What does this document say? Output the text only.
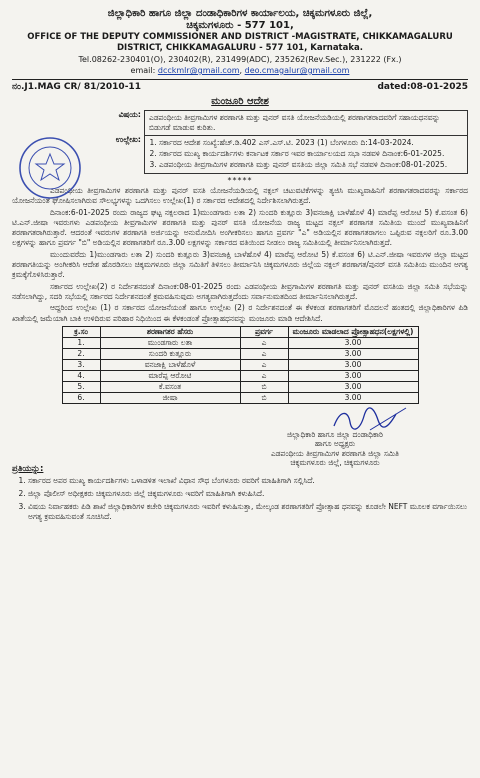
ಜಿಲ್ಲಾಧಿಕಾರಿ ಹಾಗೂ ಜಿಲ್ಲಾ ದಂಡಾಧಿಕಾರಿಗಳ ಕಾರ್ಯಾಲಯ, ಚಿಕ್ಕಮಗಳೂರು ಜಿಲ್ಲೆ,
ಚಿಕ್ಕಮಗಳೂರು - 577 101,
OFFICE OF THE DEPUTY COMMISSIONER AND DISTRICT -MAGISTRATE, CHIKKAMAGALURU
DISTRICT, CHIKKAMAGALURU - 577 101, Karnataka.
Tel.08262-230401(O), 230402(R), 231499(ADC), 235262(Rev.Sec.), 231222 (Fx.)
email: dcckmlr@gmail.com, deo.cmagalur@gmail.com
ನಂ.J1.MAG CR/ 81/2010-11	dated:08-01-2025
ಮಂಜೂರಿ ಆದೇಶ
ವಿಷಯ:	ಎಡಪಂಥೀಯ ತೀವ್ರಗಾಮಿಗಳ ಶರಣಾಗತಿ ಮತ್ತು ಪುನರ್ ವಸತಿ ಯೋಜನೆಯಡಿಯಲ್ಲಿ ಶರಣಾಗತರಾದವರಿಗೆ ಸಹಾಯಧನವನ್ನು ಬಿಡುಗಡೆ ಮಾಡುವ ಕುರಿತು.
ಉಲ್ಲೇಖ:	1. ಸರ್ಕಾರದ ಆದೇಶ ಸಂಖ್ಯೆ:ಹೆಚ್.ಡಿ.402 ಎಸ್.ಎಸ್.ಟಿ. 2023 (1) ಬೆಂಗಳೂರು ದಿ:14-03-2024.
2. ಸರ್ಕಾರದ ಮುಖ್ಯ ಕಾರ್ಯದರ್ಶಿಗಳು ಕರ್ನಾಟಕ ಸರ್ಕಾರ ಇವರ ಕಾರ್ಯಾಲಯದ ಸಭಾ ನಡವಳಿ ದಿನಾಂಕ:6-01-2025.
3. ಎಡಪಂಥೀಯ ತೀವ್ರಗಾಮಿಗಳ ಶರಣಾಗತಿ ಮತ್ತು ಪುನರ್ ವಸತಿಯ ಜಿಲ್ಲಾ ಸಮಿತಿ ಸಭೆ ನಡವಳಿ ದಿನಾಂಕ:08-01-2025.
*****

ಎಡಪಂಥೀಯ ತೀವ್ರಗಾಮಿಗಳ ಶರಣಾಗತಿ ಮತ್ತು ಪುನರ್ ವಸತಿ ಯೋಜನೆಯಡಿಯಲ್ಲಿ ನಕ್ಸಲ್ ಚಟುವಟಿಕೆಗಳನ್ನು ತ್ಯಜಿಸಿ ಮುಖ್ಯವಾಹಿನಿಗೆ ಶರಣಾಗತರಾದವರನ್ನು ಸರ್ಕಾರದ ಯೋಜನೆಯಂತೆ ಘೋಷಿಸಲಾಗಿರುವ ಸೌಲಭ್ಯಗಳನ್ನು ಒದಗಿಸಲು ಉಲ್ಲೇಖ(1) ರ ಸರ್ಕಾರದ ಆದೇಶದಲ್ಲಿ ನಿರ್ದೇಶಿಸಲಾಗಿರುತ್ತದೆ.

ದಿನಾಂಕ:6-01-2025 ರಂದು ರಾಜ್ಯದ ಘಟ್ಟ ನಕ್ಸಲರಾದ 1)ಮುಂಡಗಾರು ಲತಾ 2) ಸುಂದರಿ ಕುತ್ಲೂರು 3)ವನಜಾಕ್ಷಿ ಬಾಳೆಹೊಳೆ 4) ಮಾರೆಪ್ಪ ಆರೋಟಿ 5) ಕೆ.ವಸಂತ 6) ಟಿ.ಎನ್.ಜೀಷಾ ಇವರುಗಳು ಎಡಪಂಥೀಯ ತೀವ್ರಗಾಮಿಗಳ ಶರಣಾಗತಿ ಮತ್ತು ಪುನರ್ ವಸತಿ ಯೋಜನೆಯ ರಾಜ್ಯ ಮಟ್ಟದ ನಕ್ಸಲ್ ಶರಣಾಗತ ಸಮಿತಿಯ ಮುಂದೆ ಮುಖ್ಯವಾಹಿನಿಗೆ ಶರಣಾಗತರಾಗಿರುತ್ತಾರೆ. ಆದರಂತೆ ಇವರುಗಳ ಶರಣಾಗತಿ ಅರ್ಜಿಯನ್ನು ಅನುಮೋದಿಸಿ ಅಂಗೀಕರಿಸಲು ಹಾಗೂ ಪ್ರವರ್ಗ "ಎ" ಅಡಿಯಲ್ಲಿನ ಶರಣಾಗತರಾಗಲು ಒಪ್ಪಿರುವ ನಕ್ಸಲರಿಗೆ ರೂ.3.00 ಲಕ್ಷಗಳನ್ನು ಹಾಗೂ ಪ್ರವರ್ಗ "ಬಿ" ಅಡಿಯಲ್ಲಿನ ಶರಣಾಗತರಿಗೆ ರೂ.3.00 ಲಕ್ಷಗಳನ್ನು ಸರ್ಕಾರದ ವತಿಯಿಂದ ನೀಡಲು ರಾಜ್ಯ ಸಮಿತಿಯಲ್ಲಿ ತೀರ್ಮಾನಿಸಲಾಗಿರುತ್ತದೆ.

ಮುಂದುವರೆದು 1)ಮುಂಡಗಾರು ಲತಾ 2) ಸುಂದರಿ ಕುತ್ಲೂರು 3)ವನಜಾಕ್ಷಿ ಬಾಳೆಹೊಳೆ 4) ಮಾರೆಪ್ಪ ಆರೋಟಿ 5) ಕೆ.ವಸಂತ 6) ಟಿ.ಎನ್.ಜೀಷಾ ಇವರುಗಳ ಜಿಲ್ಲಾ ಮಟ್ಟದ ಶರಣಾಗತಿಯನ್ನು ಅಂಗೀಕರಿಸಿ ಆದೇಶ ಹೊರಡಿಸಲು ಚಿಕ್ಕಮಗಳೂರು ಜಿಲ್ಲಾ ಸಮಿತಿಗೆ ತಿಳಿಸಲು ತೀರ್ಮಾನಿಸಿ ಚಿಕ್ಕಮಗಳೂರು ಜಿಲ್ಲೆಯ ನಕ್ಸಲ್ ಶರಣಾಗತ/ಪುನರ್ ವಸತಿ ಸಮಿತಿಯ ಮುಂದಿನ ಅಗತ್ಯ ಕ್ರಮಕ್ಕೆಗೊಳಿಸಿರುತ್ತಾರೆ.

ಸರ್ಕಾರದ ಉಲ್ಲೇಖ(2) ರ ನಿರ್ದೇಶನದಂತೆ ದಿನಾಂಕ:08-01-2025 ರಂದು ಎಡಪಂಥೀಯ ತೀವ್ರಗಾಮಿಗಳ ಶರಣಾಗತಿ ಮತ್ತು ಪುನರ್ ವಸತಿಯ ಜಿಲ್ಲಾ ಸಮಿತಿ ಸಭೆಯನ್ನು ನಡೆಸಲಾಗಿದ್ದು, ಸದರಿ ಸಭೆಯಲ್ಲಿ ಸರ್ಕಾರದ ನಿರ್ದೇಶನದಂತೆ ಕ್ರಮವಹಿಸುವುದು ಅಗತ್ಯವಾಗಿರುತ್ತದೆಂದು ಸರ್ವಾನುಮತದಿಂದ ತೀರ್ಮಾನಿಸಲಾಗಿರುತ್ತದೆ.

ಆದ್ದರಿಂದ ಉಲ್ಲೇಖ (1) ರ ಸರ್ಕಾರದ ಯೋಜನೆಯಂತೆ ಹಾಗೂ ಉಲ್ಲೇಖ (2) ರ ನಿರ್ದೇಶನದಂತೆ ಈ ಕೆಳಕಂಡ ಶರಣಾಗತರಿಗೆ ಮೊದಲನೆ ಹಂತದಲ್ಲಿ ಜಿಲ್ಲಾಧಿಕಾರಿಗಳ ಪಿಡಿ ಖಾತೆಯಲ್ಲಿ ಜಮೆಯಾಗಿ ಬಾಕಿ ಉಳಿದಿರುವ ಪರಿಹಾರ ನಿಧಿಯಿಂದ ಈ ಕೆಳಕಂಡಂತೆ ಪ್ರೋತ್ಸಾಹಧನವನ್ನು ಮಂಜೂರು ಮಾಡಿ ಆದೇಶಿಸಿದೆ.

ಕ್ರ.ಸಂ	ಶರಣಾಗತರ ಹೆಸರು	ಪ್ರವರ್ಗ	ಮಂಜೂರು ಮಾಡಲಾದ ಪ್ರೋತ್ಸಾಹಧನ(ಲಕ್ಷಗಳಲ್ಲಿ)
1.	ಮುಂಡಗಾರು ಲತಾ	ಎ	3.00
2.	ಸುಂದರಿ ಕುತ್ಲೂರು	ಎ	3.00
3.	ವನಜಾಕ್ಷಿ ಬಾಳೆಹೊಳೆ	ಎ	3.00
4.	ಮಾರೆಪ್ಪ ಆರೋಟಿ	ಎ	3.00
5.	ಕೆ.ವಸಂತ	ಬಿ	3.00
6.	ಜೀಷಾ	ಬಿ	3.00
ಜಿಲ್ಲಾಧಿಕಾರಿ ಹಾಗೂ ಜಿಲ್ಲಾ ದಂಡಾಧಿಕಾರಿ
ಹಾಗೂ ಅಧ್ಯಕ್ಷರು
ಎಡಪಂಥೀಯ ತೀವ್ರಗಾಮಿಗಳ ಶರಣಾಗತಿ ಜಿಲ್ಲಾ ಸಮಿತಿ
ಚಿಕ್ಕಮಗಳೂರು ಜಿಲ್ಲೆ, ಚಿಕ್ಕಮಗಳೂರು
ಪ್ರತಿಯನ್ನು:
1. ಸರ್ಕಾರದ ಅಪರ ಮುಖ್ಯ ಕಾರ್ಯದರ್ಶಿಗಳು ಒಳಾಡಳಿತ ಇಲಾಖೆ ವಿಧಾನ ಸೌಧ ಬೆಂಗಳೂರು ರವರಿಗೆ ಮಾಹಿತಿಗಾಗಿ ಸಲ್ಲಿಸಿದೆ.
2. ಜಿಲ್ಲಾ ಪೊಲೀಸ್ ಅಧೀಕ್ಷಕರು ಚಿಕ್ಕಮಗಳೂರು ಜಿಲ್ಲೆ ಚಿಕ್ಕಮಗಳೂರು ಇವರಿಗೆ ಮಾಹಿತಿಗಾಗಿ ಕಳುಹಿಸಿದೆ.
3. ವಿಷಯ ನಿರ್ವಾಹಕರು ಪಿಡಿ ಶಾಖೆ ಜಿಲ್ಲಾಧಿಕಾರಿಗಳ ಕಚೇರಿ ಚಿಕ್ಕಮಗಳೂರು ಇವರಿಗೆ ಕಳುಹಿಸುತ್ತಾ, ಮೇಲ್ಕಂಡ ಶರಣಾಗತರಿಗೆ ಪ್ರೋತ್ಸಾಹ ಧನವನ್ನು ಕೂಡಲೇ NEFT ಮೂಲಕ ವರ್ಗಾಯಿಸಲು ಅಗತ್ಯ ಕ್ರಮವಹಿಸುವಂತೆ ಸೂಚಿಸಿದೆ.
